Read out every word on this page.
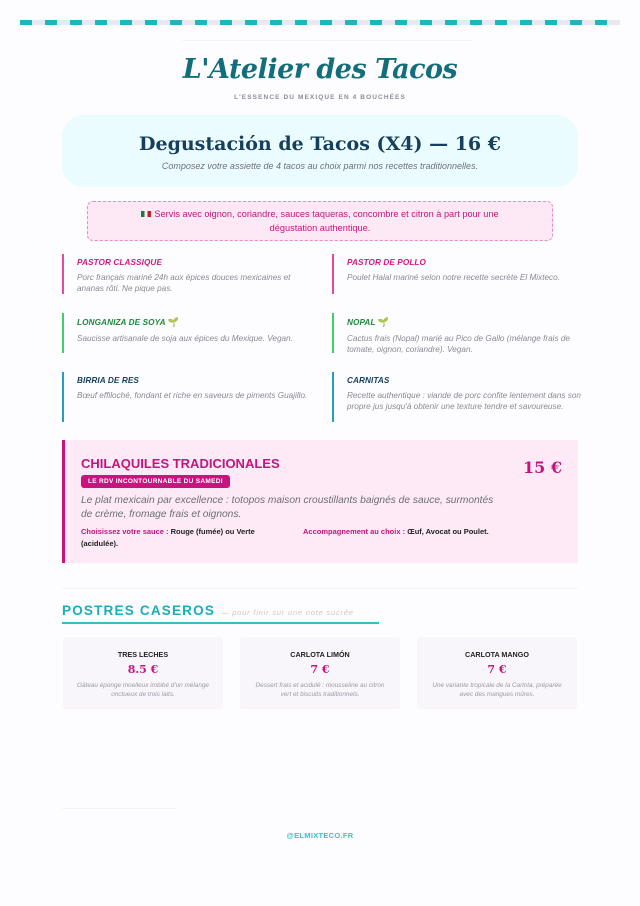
L'Atelier des Tacos
L'ESSENCE DU MEXIQUE EN 4 BOUCHÉES
Degustación de Tacos (X4) — 16 €
Composez votre assiette de 4 tacos au choix parmi nos recettes traditionnelles.
Servis avec oignon, coriandre, sauces taqueras, concombre et citron à part pour une
dégustation authentique.
PASTOR CLASSIQUE
Porc français mariné 24h aux épices douces mexicaines et ananas rôti. Ne pique pas.
PASTOR DE POLLO
Poulet Halal mariné selon notre recette secrète El Mixteco.
LONGANIZA DE SOYA 🌱
Saucisse artisanale de soja aux épices du Mexique. Vegan.
NOPAL 🌱
Cactus frais (Nopal) marié au Pico de Gallo (mélange frais de tomate, oignon, coriandre). Vegan.
BIRRIA DE RES
Bœuf effiloché, fondant et riche en saveurs de piments Guajillo.
CARNITAS
Recette authentique : viande de porc confite lentement dans son propre jus jusqu'à obtenir une texture tendre et savoureuse.
CHILAQUILES TRADICIONALES
LE RDV INCONTOURNABLE DU SAMEDI
15 €
Le plat mexicain par excellence : totopos maison croustillants baignés de sauce, surmontés de crème, fromage frais et oignons.
Choisissez votre sauce : Rouge (fumée) ou Verte (acidulée).
Accompagnement au choix : Œuf, Avocat ou Poulet.
POSTRES CASEROS — pour finir sur une note sucrée
TRES LECHES
8.5 €
Gâteau éponge moelleux imbibé d'un mélange onctueux de trois laits.
CARLOTA LIMÓN
7 €
Dessert frais et acidulé : mousseline au citron vert et biscuits traditionnels.
CARLOTA MANGO
7 €
Une variante tropicale de la Carlota, préparée avec des mangues mûres.
@ELMIXTECO.FR
